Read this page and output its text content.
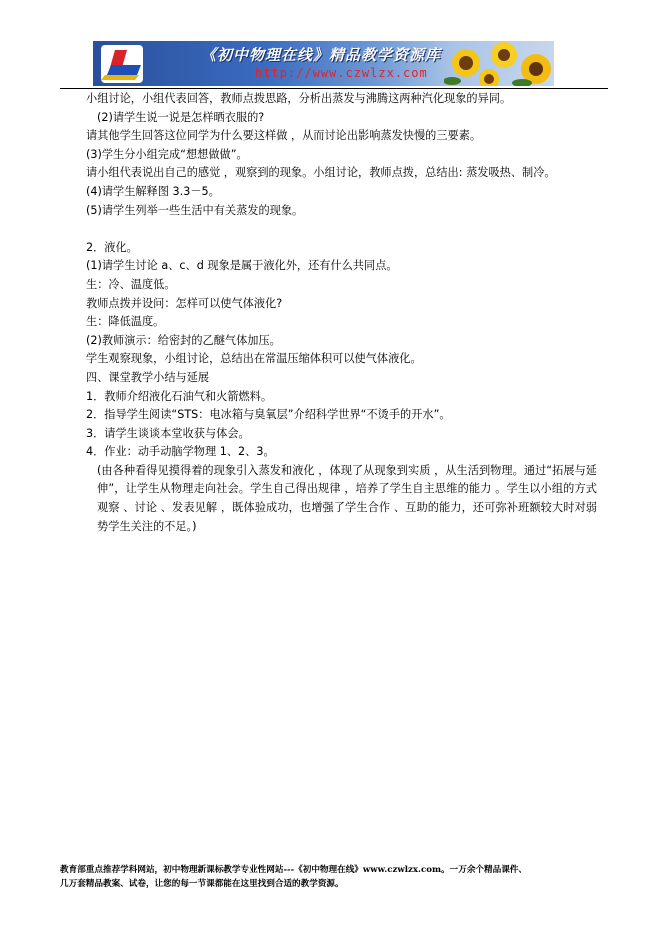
《初中物理在线》精品教学资源库
http://www.czwlzx.com

小组讨论，小组代表回答，教师点拨思路，分析出蒸发与沸腾这两种汽化现象的异同。

(2)请学生说一说是怎样晒衣服的?

请其他学生回答这位同学为什么要这样做 ，从而讨论出影响蒸发快慢的三要素。

(3)学生分小组完成“想想做做”。

请小组代表说出自己的感觉 ，观察到的现象。小组讨论，教师点拨，总结出: 蒸发吸热、制冷。

(4)请学生解释图 3.3－5。

(5)请学生列举一些生活中有关蒸发的现象。

2．液化。

(1)请学生讨论 a、c、d 现象是属于液化外，还有什么共同点。

生：冷、温度低。

教师点拨并设问：怎样可以使气体液化?

生：降低温度。

(2)教师演示：给密封的乙醚气体加压。

学生观察现象，小组讨论，总结出在常温压缩体积可以使气体液化。

四、课堂教学小结与延展

1．教师介绍液化石油气和火箭燃料。

2．指导学生阅读“STS：电冰箱与臭氧层”介绍科学世界“不烫手的开水”。

3．请学生谈谈本堂收获与体会。

4．作业：动手动脑学物理 1、2、3。

(由各种看得见摸得着的现象引入蒸发和液化 ，体现了从现象到实质 ，从生活到物理。通过“拓展与延伸”，让学生从物理走向社会。学生自己得出规律 ，培养了学生自主思维的能力 。学生以小组的方式观察 、讨论 、发表见解 ，既体验成功，也增强了学生合作 、互助的能力，还可弥补班额较大时对弱势学生关注的不足。)

教育部重点推荐学科网站，初中物理新课标教学专业性网站---《初中物理在线》www.czwlzx.com。一万余个精品课件、

几万套精品教案、试卷，让您的每一节课都能在这里找到合适的教学资源。
